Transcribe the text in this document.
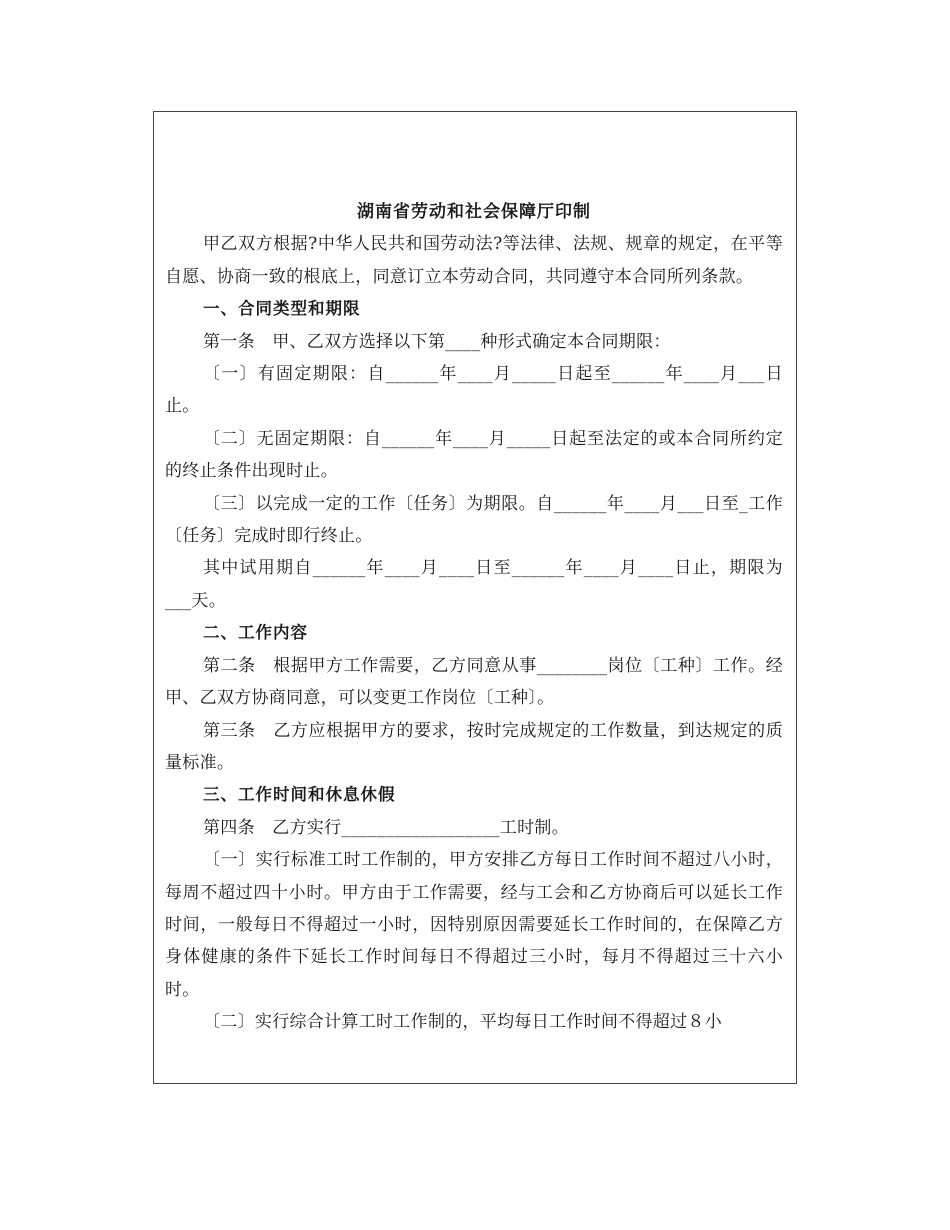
湖南省劳动和社会保障厅印制

甲乙双方根据?中华人民共和国劳动法?等法律、法规、规章的规定，在平等自愿、协商一致的根底上，同意订立本劳动合同，共同遵守本合同所列条款。

一、合同类型和期限

第一条　甲、乙双方选择以下第____种形式确定本合同期限：

〔一〕有固定期限：自______年____月_____日起至______年____月___日止。

〔二〕无固定期限：自______年____月_____日起至法定的或本合同所约定的终止条件出现时止。

〔三〕以完成一定的工作〔任务〕为期限。自______年____月___日至_工作〔任务〕完成时即行终止。

其中试用期自______年____月____日至______年____月____日止，期限为___天。

二、工作内容

第二条　根据甲方工作需要，乙方同意从事________岗位〔工种〕工作。经甲、乙双方协商同意，可以变更工作岗位〔工种〕。

第三条　乙方应根据甲方的要求，按时完成规定的工作数量，到达规定的质量标准。

三、工作时间和休息休假

第四条　乙方实行__________________工时制。

〔一〕实行标准工时工作制的，甲方安排乙方每日工作时间不超过八小时，每周不超过四十小时。甲方由于工作需要，经与工会和乙方协商后可以延长工作时间，一般每日不得超过一小时，因特别原因需要延长工作时间的，在保障乙方身体健康的条件下延长工作时间每日不得超过三小时，每月不得超过三十六小时。

〔二〕实行综合计算工时工作制的，平均每日工作时间不得超过８小
